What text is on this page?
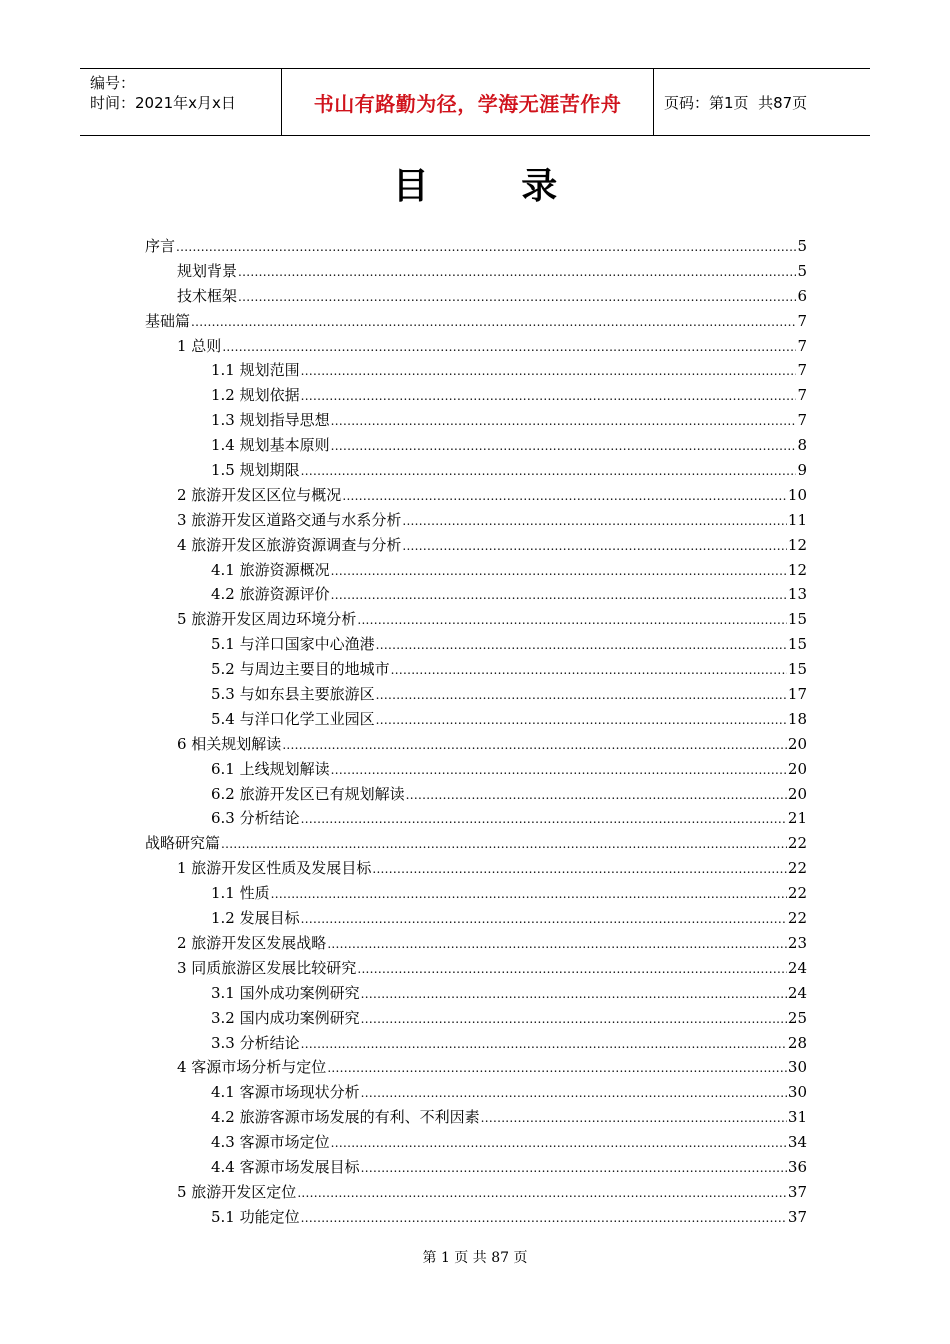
编号：
时间：2021年x月x日	书山有路勤为径，学海无涯苦作舟	页码：第1页  共87页
目 录
序言 .....	5
规划背景 .....	5
技术框架 .....	6
基础篇 .....	7
1 总则 .....	7
1.1 规划范围 .....	7
1.2 规划依据 .....	7
1.3 规划指导思想 .....	7
1.4 规划基本原则 .....	8
1.5 规划期限 .....	9
2 旅游开发区区位与概况 .....	10
3 旅游开发区道路交通与水系分析 .....	11
4 旅游开发区旅游资源调查与分析 .....	12
4.1 旅游资源概况 .....	12
4.2 旅游资源评价 .....	13
5 旅游开发区周边环境分析 .....	15
5.1 与洋口国家中心渔港 .....	15
5.2 与周边主要目的地城市 .....	15
5.3 与如东县主要旅游区 .....	17
5.4 与洋口化学工业园区 .....	18
6 相关规划解读 .....	20
6.1 上线规划解读 .....	20
6.2 旅游开发区已有规划解读 .....	20
6.3 分析结论 .....	21
战略研究篇 .....	22
1 旅游开发区性质及发展目标 .....	22
1.1 性质 .....	22
1.2 发展目标 .....	22
2 旅游开发区发展战略 .....	23
3 同质旅游区发展比较研究 .....	24
3.1 国外成功案例研究 .....	24
3.2 国内成功案例研究 .....	25
3.3 分析结论 .....	28
4 客源市场分析与定位 .....	30
4.1 客源市场现状分析 .....	30
4.2 旅游客源市场发展的有利、不利因素 .....	31
4.3 客源市场定位 .....	34
4.4 客源市场发展目标 .....	36
5 旅游开发区定位 .....	37
5.1 功能定位 .....	37
第 1 页 共 87 页
